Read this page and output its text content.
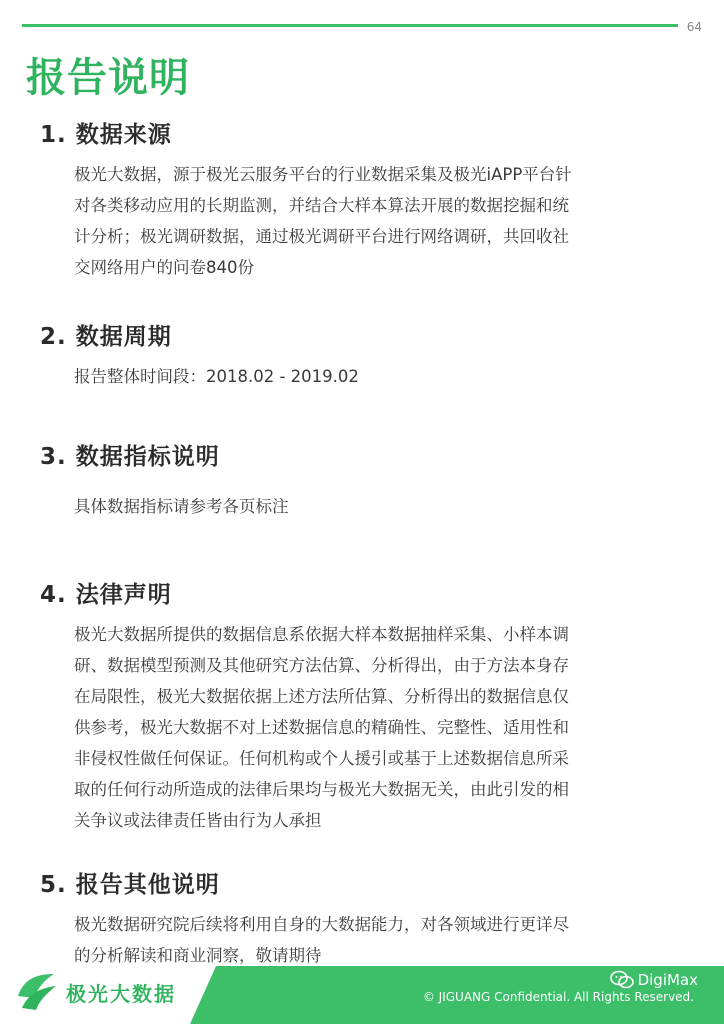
64
报告说明
1. 数据来源

极光大数据，源于极光云服务平台的行业数据采集及极光iAPP平台针
对各类移动应用的长期监测，并结合大样本算法开展的数据挖掘和统
计分析；极光调研数据，通过极光调研平台进行网络调研，共回收社
交网络用户的问卷840份

2. 数据周期

报告整体时间段：2018.02 - 2019.02

3. 数据指标说明

具体数据指标请参考各页标注

4. 法律声明

极光大数据所提供的数据信息系依据大样本数据抽样采集、小样本调
研、数据模型预测及其他研究方法估算、分析得出，由于方法本身存
在局限性，极光大数据依据上述方法所估算、分析得出的数据信息仅
供参考，极光大数据不对上述数据信息的精确性、完整性、适用性和
非侵权性做任何保证。任何机构或个人援引或基于上述数据信息所采
取的任何行动所造成的法律后果均与极光大数据无关，由此引发的相
关争议或法律责任皆由行为人承担

5. 报告其他说明

极光数据研究院后续将利用自身的大数据能力，对各领域进行更详尽
的分析解读和商业洞察，敬请期待

极光大数据
DigiMax
© JIGUANG Confidential. All Rights Reserved.
